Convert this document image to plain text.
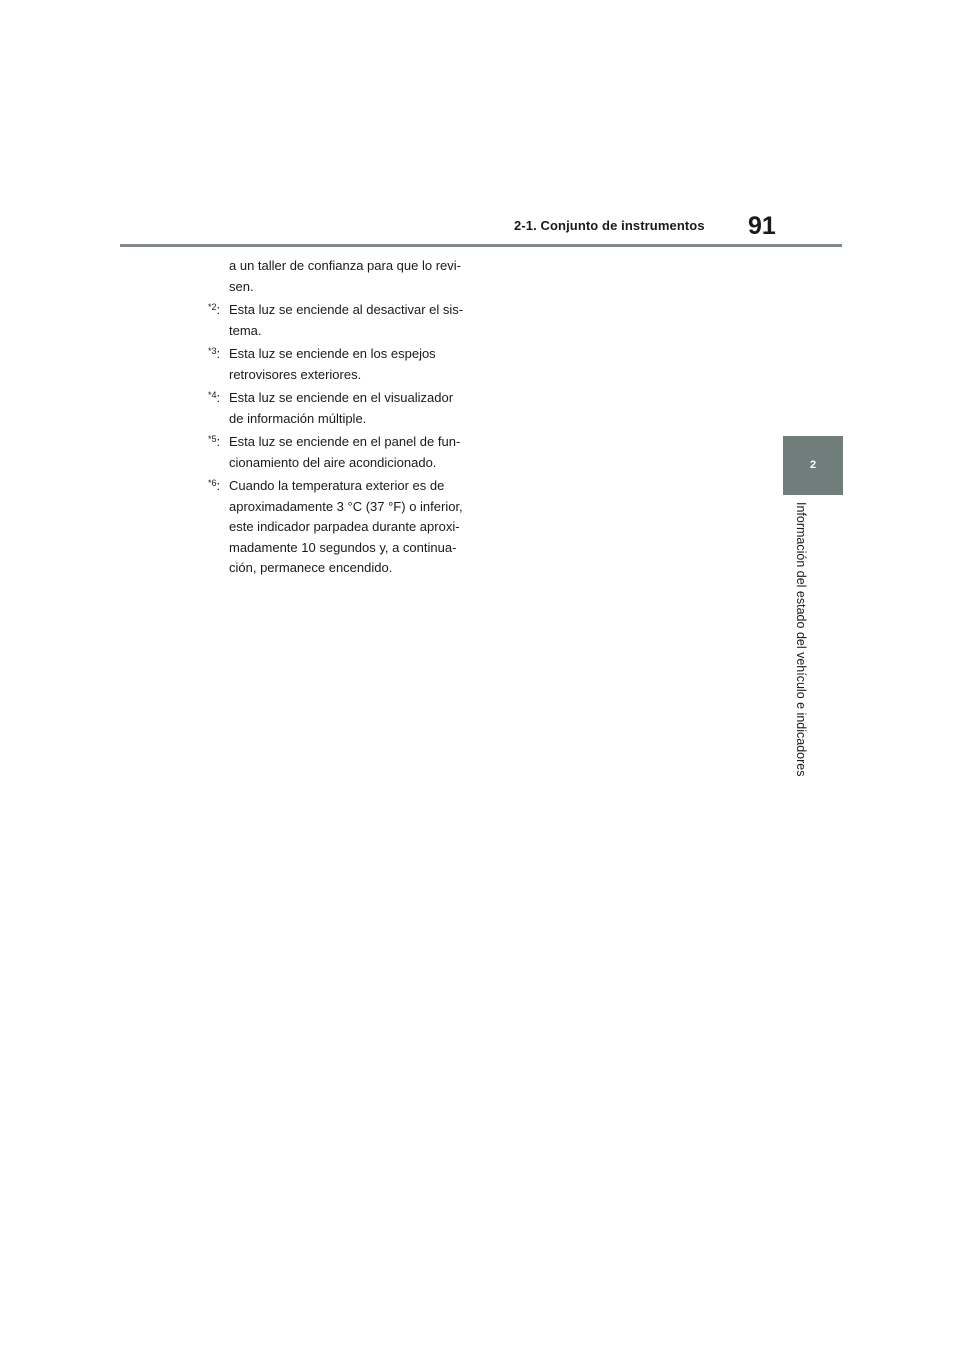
2-1. Conjunto de instrumentos 91
a un taller de confianza para que lo revi-
sen.
$^{*2}$: Esta luz se enciende al desactivar el sis-
tema.
$^{*3}$: Esta luz se enciende en los espejos
retrovisores exteriores.
$^{*4}$: Esta luz se enciende en el visualizador
de información múltiple.
$^{*5}$: Esta luz se enciende en el panel de fun-
cionamiento del aire acondicionado.
$^{*6}$: Cuando la temperatura exterior es de
aproximadamente 3 °C (37 °F) o inferior,
este indicador parpadea durante aproxi-
madamente 10 segundos y, a continua-
ción, permanece encendido.
2
Información del estado del vehículo e indicadores
